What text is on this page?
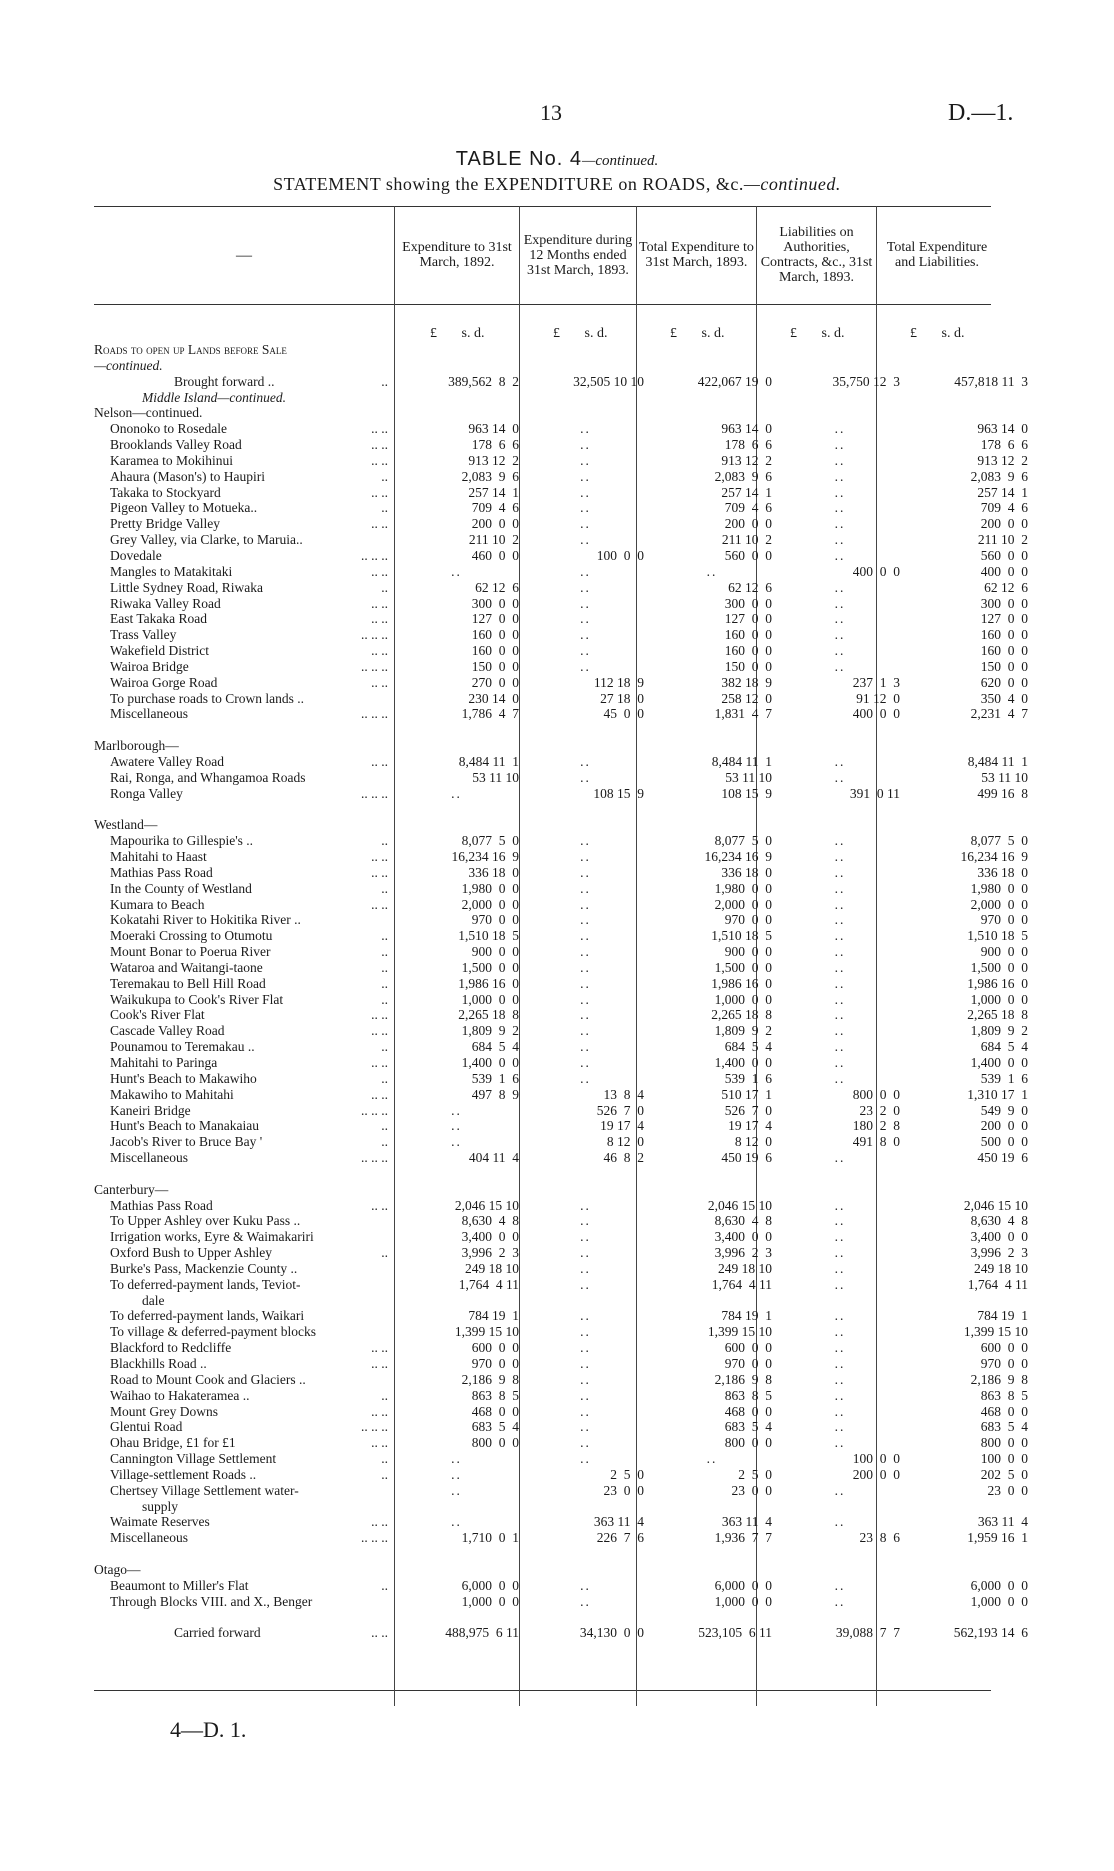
13	D.—1.
TABLE No. 4—continued.
STATEMENT showing the EXPENDITURE on ROADS, &c.—continued.
—	Expenditure to 31st March, 1892.
Expenditure during 12 Months ended 31st March, 1893.
Total Expenditure to 31st March, 1893.
Liabilities on Authorities, Contracts, &c., 31st March, 1893.
Total Expenditure and Liabilities.
£       s. d.	£       s. d.	£       s. d.	£       s. d.	£       s. d.
Roads to open up Lands before Sale					

—continued.					

Brought forward .. ..	389,562  8  2	32,505 10 10	422,067 19  0	35,750 12  3	457,818 11  3

Middle Island—continued.					

Nelson—continued.					

Ononoko to Rosedale .. ..	963 14  0	..	963 14  0	..	963 14  0

Brooklands Valley Road .. ..	178  6  6	..	178  6  6	..	178  6  6

Karamea to Mokihinui .. ..	913 12  2	..	913 12  2	..	913 12  2

Ahaura (Mason's) to Haupiri ..	2,083  9  6	..	2,083  9  6	..	2,083  9  6

Takaka to Stockyard .. ..	257 14  1	..	257 14  1	..	257 14  1

Pigeon Valley to Motueka.. ..	709  4  6	..	709  4  6	..	709  4  6

Pretty Bridge Valley .. ..	200  0  0	..	200  0  0	..	200  0  0

Grey Valley, via Clarke, to Maruia..	211 10  2	..	211 10  2	..	211 10  2

Dovedale .. .. ..	460  0  0	100  0  0	560  0  0	..	560  0  0

Mangles to Matakitaki .. ..	..	..	..	400  0  0	400  0  0

Little Sydney Road, Riwaka ..	62 12  6	..	62 12  6	..	62 12  6

Riwaka Valley Road .. ..	300  0  0	..	300  0  0	..	300  0  0

East Takaka Road .. ..	127  0  0	..	127  0  0	..	127  0  0

Trass Valley .. .. ..	160  0  0	..	160  0  0	..	160  0  0

Wakefield District .. ..	160  0  0	..	160  0  0	..	160  0  0

Wairoa Bridge .. .. ..	150  0  0	..	150  0  0	..	150  0  0

Wairoa Gorge Road .. ..	270  0  0	112 18  9	382 18  9	237  1  3	620  0  0

To purchase roads to Crown lands ..	230 14  0	27 18  0	258 12  0	91 12  0	350  4  0

Miscellaneous .. .. ..	1,786  4  7	45  0  0	1,831  4  7	400  0  0	2,231  4  7

Marlborough—					

Awatere Valley Road .. ..	8,484 11  1	..	8,484 11  1	..	8,484 11  1

Rai, Ronga, and Whangamoa Roads	53 11 10	..	53 11 10	..	53 11 10

Ronga Valley .. .. ..	..	108 15  9	108 15  9	391  0 11	499 16  8

Westland—					

Mapourika to Gillespie's .. ..	8,077  5  0	..	8,077  5  0	..	8,077  5  0

Mahitahi to Haast .. ..	16,234 16  9	..	16,234 16  9	..	16,234 16  9

Mathias Pass Road .. ..	336 18  0	..	336 18  0	..	336 18  0

In the County of Westland ..	1,980  0  0	..	1,980  0  0	..	1,980  0  0

Kumara to Beach .. ..	2,000  0  0	..	2,000  0  0	..	2,000  0  0

Kokatahi River to Hokitika River ..	970  0  0	..	970  0  0	..	970  0  0

Moeraki Crossing to Otumotu ..	1,510 18  5	..	1,510 18  5	..	1,510 18  5

Mount Bonar to Poerua River ..	900  0  0	..	900  0  0	..	900  0  0

Wataroa and Waitangi-taone ..	1,500  0  0	..	1,500  0  0	..	1,500  0  0

Teremakau to Bell Hill Road ..	1,986 16  0	..	1,986 16  0	..	1,986 16  0

Waikukupa to Cook's River Flat ..	1,000  0  0	..	1,000  0  0	..	1,000  0  0

Cook's River Flat .. ..	2,265 18  8	..	2,265 18  8	..	2,265 18  8

Cascade Valley Road .. ..	1,809  9  2	..	1,809  9  2	..	1,809  9  2

Pounamou to Teremakau .. ..	684  5  4	..	684  5  4	..	684  5  4

Mahitahi to Paringa .. ..	1,400  0  0	..	1,400  0  0	..	1,400  0  0

Hunt's Beach to Makawiho ..	539  1  6	..	539  1  6	..	539  1  6

Makawiho to Mahitahi .. ..	497  8  9	13  8  4	510 17  1	800  0  0	1,310 17  1

Kaneiri Bridge .. .. ..	..	526  7  0	526  7  0	23  2  0	549  9  0

Hunt's Beach to Manakaiau ..	..	19 17  4	19 17  4	180  2  8	200  0  0

Jacob's River to Bruce Bay ' ..	..	8 12  0	8 12  0	491  8  0	500  0  0

Miscellaneous .. .. ..	404 11  4	46  8  2	450 19  6	..	450 19  6

Canterbury—					

Mathias Pass Road .. ..	2,046 15 10	..	2,046 15 10	..	2,046 15 10

To Upper Ashley over Kuku Pass ..	8,630  4  8	..	8,630  4  8	..	8,630  4  8

Irrigation works, Eyre & Waimakariri	3,400  0  0	..	3,400  0  0	..	3,400  0  0

Oxford Bush to Upper Ashley ..	3,996  2  3	..	3,996  2  3	..	3,996  2  3

Burke's Pass, Mackenzie County ..	249 18 10	..	249 18 10	..	249 18 10

To deferred-payment lands, Teviot-	1,764  4 11	..	1,764  4 11	..	1,764  4 11

dale					

To deferred-payment lands, Waikari	784 19  1	..	784 19  1	..	784 19  1

To village & deferred-payment blocks	1,399 15 10	..	1,399 15 10	..	1,399 15 10

Blackford to Redcliffe .. ..	600  0  0	..	600  0  0	..	600  0  0

Blackhills Road .. .. ..	970  0  0	..	970  0  0	..	970  0  0

Road to Mount Cook and Glaciers ..	2,186  9  8	..	2,186  9  8	..	2,186  9  8

Waihao to Hakateramea .. ..	863  8  5	..	863  8  5	..	863  8  5

Mount Grey Downs .. ..	468  0  0	..	468  0  0	..	468  0  0

Glentui Road .. .. ..	683  5  4	..	683  5  4	..	683  5  4

Ohau Bridge, £1 for £1 .. ..	800  0  0	..	800  0  0	..	800  0  0

Cannington Village Settlement ..	..	..	..	100  0  0	100  0  0

Village-settlement Roads .. ..	..	2  5  0	2  5  0	200  0  0	202  5  0

Chertsey Village Settlement water-	..	23  0  0	23  0  0	..	23  0  0

supply					

Waimate Reserves .. ..	..	363 11  4	363 11  4	..	363 11  4

Miscellaneous .. .. ..	1,710  0  1	226  7  6	1,936  7  7	23  8  6	1,959 16  1

Otago—					

Beaumont to Miller's Flat ..	6,000  0  0	..	6,000  0  0	..	6,000  0  0

Through Blocks VIII. and X., Benger	1,000  0  0	..	1,000  0  0	..	1,000  0  0

Carried forward .. ..	488,975  6 11	34,130  0  0	523,105  6 11	39,088  7  7	562,193 14  6
4—D. 1.
